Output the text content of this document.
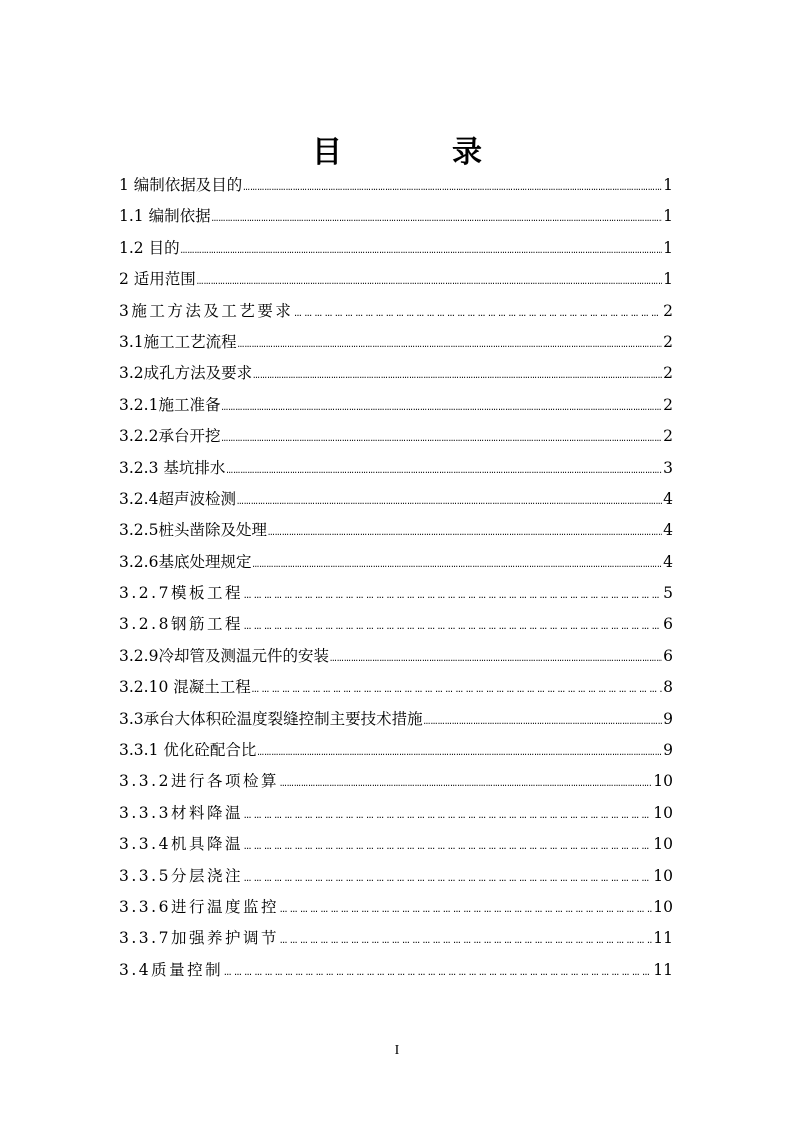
目　录
1 编制依据及目的 ……………………………………………………………………………………………………………………………………………………………………………………………………………………	1
1.1 编制依据 ……………………………………………………………………………………………………………………………………………………………………………………………………………………	1
1.2 目的 ……………………………………………………………………………………………………………………………………………………………………………………………………………………	1
2 适用范围 ……………………………………………………………………………………………………………………………………………………………………………………………………………………	1
3施工方法及工艺要求 ……………………………………………………………………………………………………………………………………………………………………………………………………………………	2
3.1施工工艺流程 ……………………………………………………………………………………………………………………………………………………………………………………………………………………	2
3.2成孔方法及要求 ……………………………………………………………………………………………………………………………………………………………………………………………………………………	2
3.2.1施工准备 ……………………………………………………………………………………………………………………………………………………………………………………………………………………	2
3.2.2承台开挖 ……………………………………………………………………………………………………………………………………………………………………………………………………………………	2
3.2.3 基坑排水 ……………………………………………………………………………………………………………………………………………………………………………………………………………………	3
3.2.4超声波检测 ……………………………………………………………………………………………………………………………………………………………………………………………………………………	4
3.2.5桩头凿除及处理 ……………………………………………………………………………………………………………………………………………………………………………………………………………………	4
3.2.6基底处理规定 ……………………………………………………………………………………………………………………………………………………………………………………………………………………	4
3.2.7模板工程 ……………………………………………………………………………………………………………………………………………………………………………………………………………………	5
3.2.8钢筋工程 ……………………………………………………………………………………………………………………………………………………………………………………………………………………	6
3.2.9冷却管及测温元件的安装 ……………………………………………………………………………………………………………………………………………………………………………………………………………………	6
3.2.10 混凝土工程 ……………………………………………………………………………………………………………………………………………………………………………………………………………………	8
3.3承台大体积砼温度裂缝控制主要技术措施 ……………………………………………………………………………………………………………………………………………………………………………………………………………………	9
3.3.1 优化砼配合比 ……………………………………………………………………………………………………………………………………………………………………………………………………………………	9
3.3.2进行各项检算 ……………………………………………………………………………………………………………………………………………………………………………………………………………………	10
3.3.3材料降温 ……………………………………………………………………………………………………………………………………………………………………………………………………………………	10
3.3.4机具降温 ……………………………………………………………………………………………………………………………………………………………………………………………………………………	10
3.3.5分层浇注 ……………………………………………………………………………………………………………………………………………………………………………………………………………………	10
3.3.6进行温度监控 ……………………………………………………………………………………………………………………………………………………………………………………………………………………	10
3.3.7加强养护调节 ……………………………………………………………………………………………………………………………………………………………………………………………………………………	11
3.4质量控制 ……………………………………………………………………………………………………………………………………………………………………………………………………………………	11
I
